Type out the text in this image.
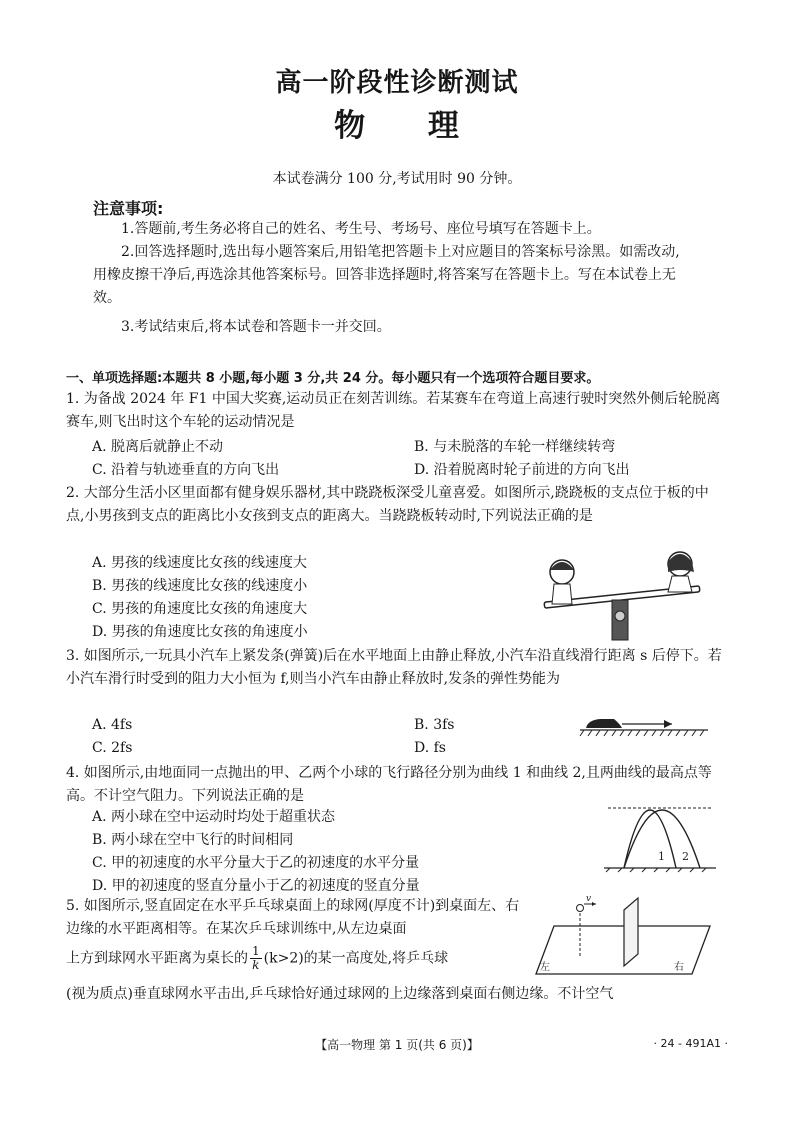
高一阶段性诊断测试
物 理
本试卷满分 100 分,考试用时 90 分钟。
注意事项:
1.答题前,考生务必将自己的姓名、考生号、考场号、座位号填写在答题卡上。
2.回答选择题时,选出每小题答案后,用铅笔把答题卡上对应题目的答案标号涂黑。如需改动,用橡皮擦干净后,再选涂其他答案标号。回答非选择题时,将答案写在答题卡上。写在本试卷上无效。
3.考试结束后,将本试卷和答题卡一并交回。
一、单项选择题:本题共 8 小题,每小题 3 分,共 24 分。每小题只有一个选项符合题目要求。
1. 为备战 2024 年 F1 中国大奖赛,运动员正在刻苦训练。若某赛车在弯道上高速行驶时突然外侧后轮脱离赛车,则飞出时这个车轮的运动情况是
A. 脱离后就静止不动	B. 与未脱落的车轮一样继续转弯
C. 沿着与轨迹垂直的方向飞出	D. 沿着脱离时轮子前进的方向飞出
2. 大部分生活小区里面都有健身娱乐器材,其中跷跷板深受儿童喜爱。如图所示,跷跷板的支点位于板的中点,小男孩到支点的距离比小女孩到支点的距离大。当跷跷板转动时,下列说法正确的是
A. 男孩的线速度比女孩的线速度大
B. 男孩的线速度比女孩的线速度小
C. 男孩的角速度比女孩的角速度大
D. 男孩的角速度比女孩的角速度小
3. 如图所示,一玩具小汽车上紧发条(弹簧)后在水平地面上由静止释放,小汽车沿直线滑行距离 s 后停下。若小汽车滑行时受到的阻力大小恒为 f,则当小汽车由静止释放时,发条的弹性势能为
A. 4fs	B. 3fs
C. 2fs	D. fs
4. 如图所示,由地面同一点抛出的甲、乙两个小球的飞行路径分别为曲线 1 和曲线 2,且两曲线的最高点等高。不计空气阻力。下列说法正确的是
A. 两小球在空中运动时均处于超重状态
B. 两小球在空中飞行的时间相同
C. 甲的初速度的水平分量大于乙的初速度的水平分量
D. 甲的初速度的竖直分量小于乙的初速度的竖直分量
1 2
5. 如图所示,竖直固定在水平乒乓球桌面上的球网(厚度不计)到桌面左、右边缘的水平距离相等。在某次乒乓球训练中,从左边桌面
上方到球网水平距离为桌长的 $\frac{1}{k} (k>2)$的某一高度处,将乒乓球
(视为质点)垂直球网水平击出,乒乓球恰好通过球网的上边缘落到桌面右侧边缘。不计空气
v
左	右
【高一物理 第 1 页(共 6 页)】	· 24 - 491A1 ·
